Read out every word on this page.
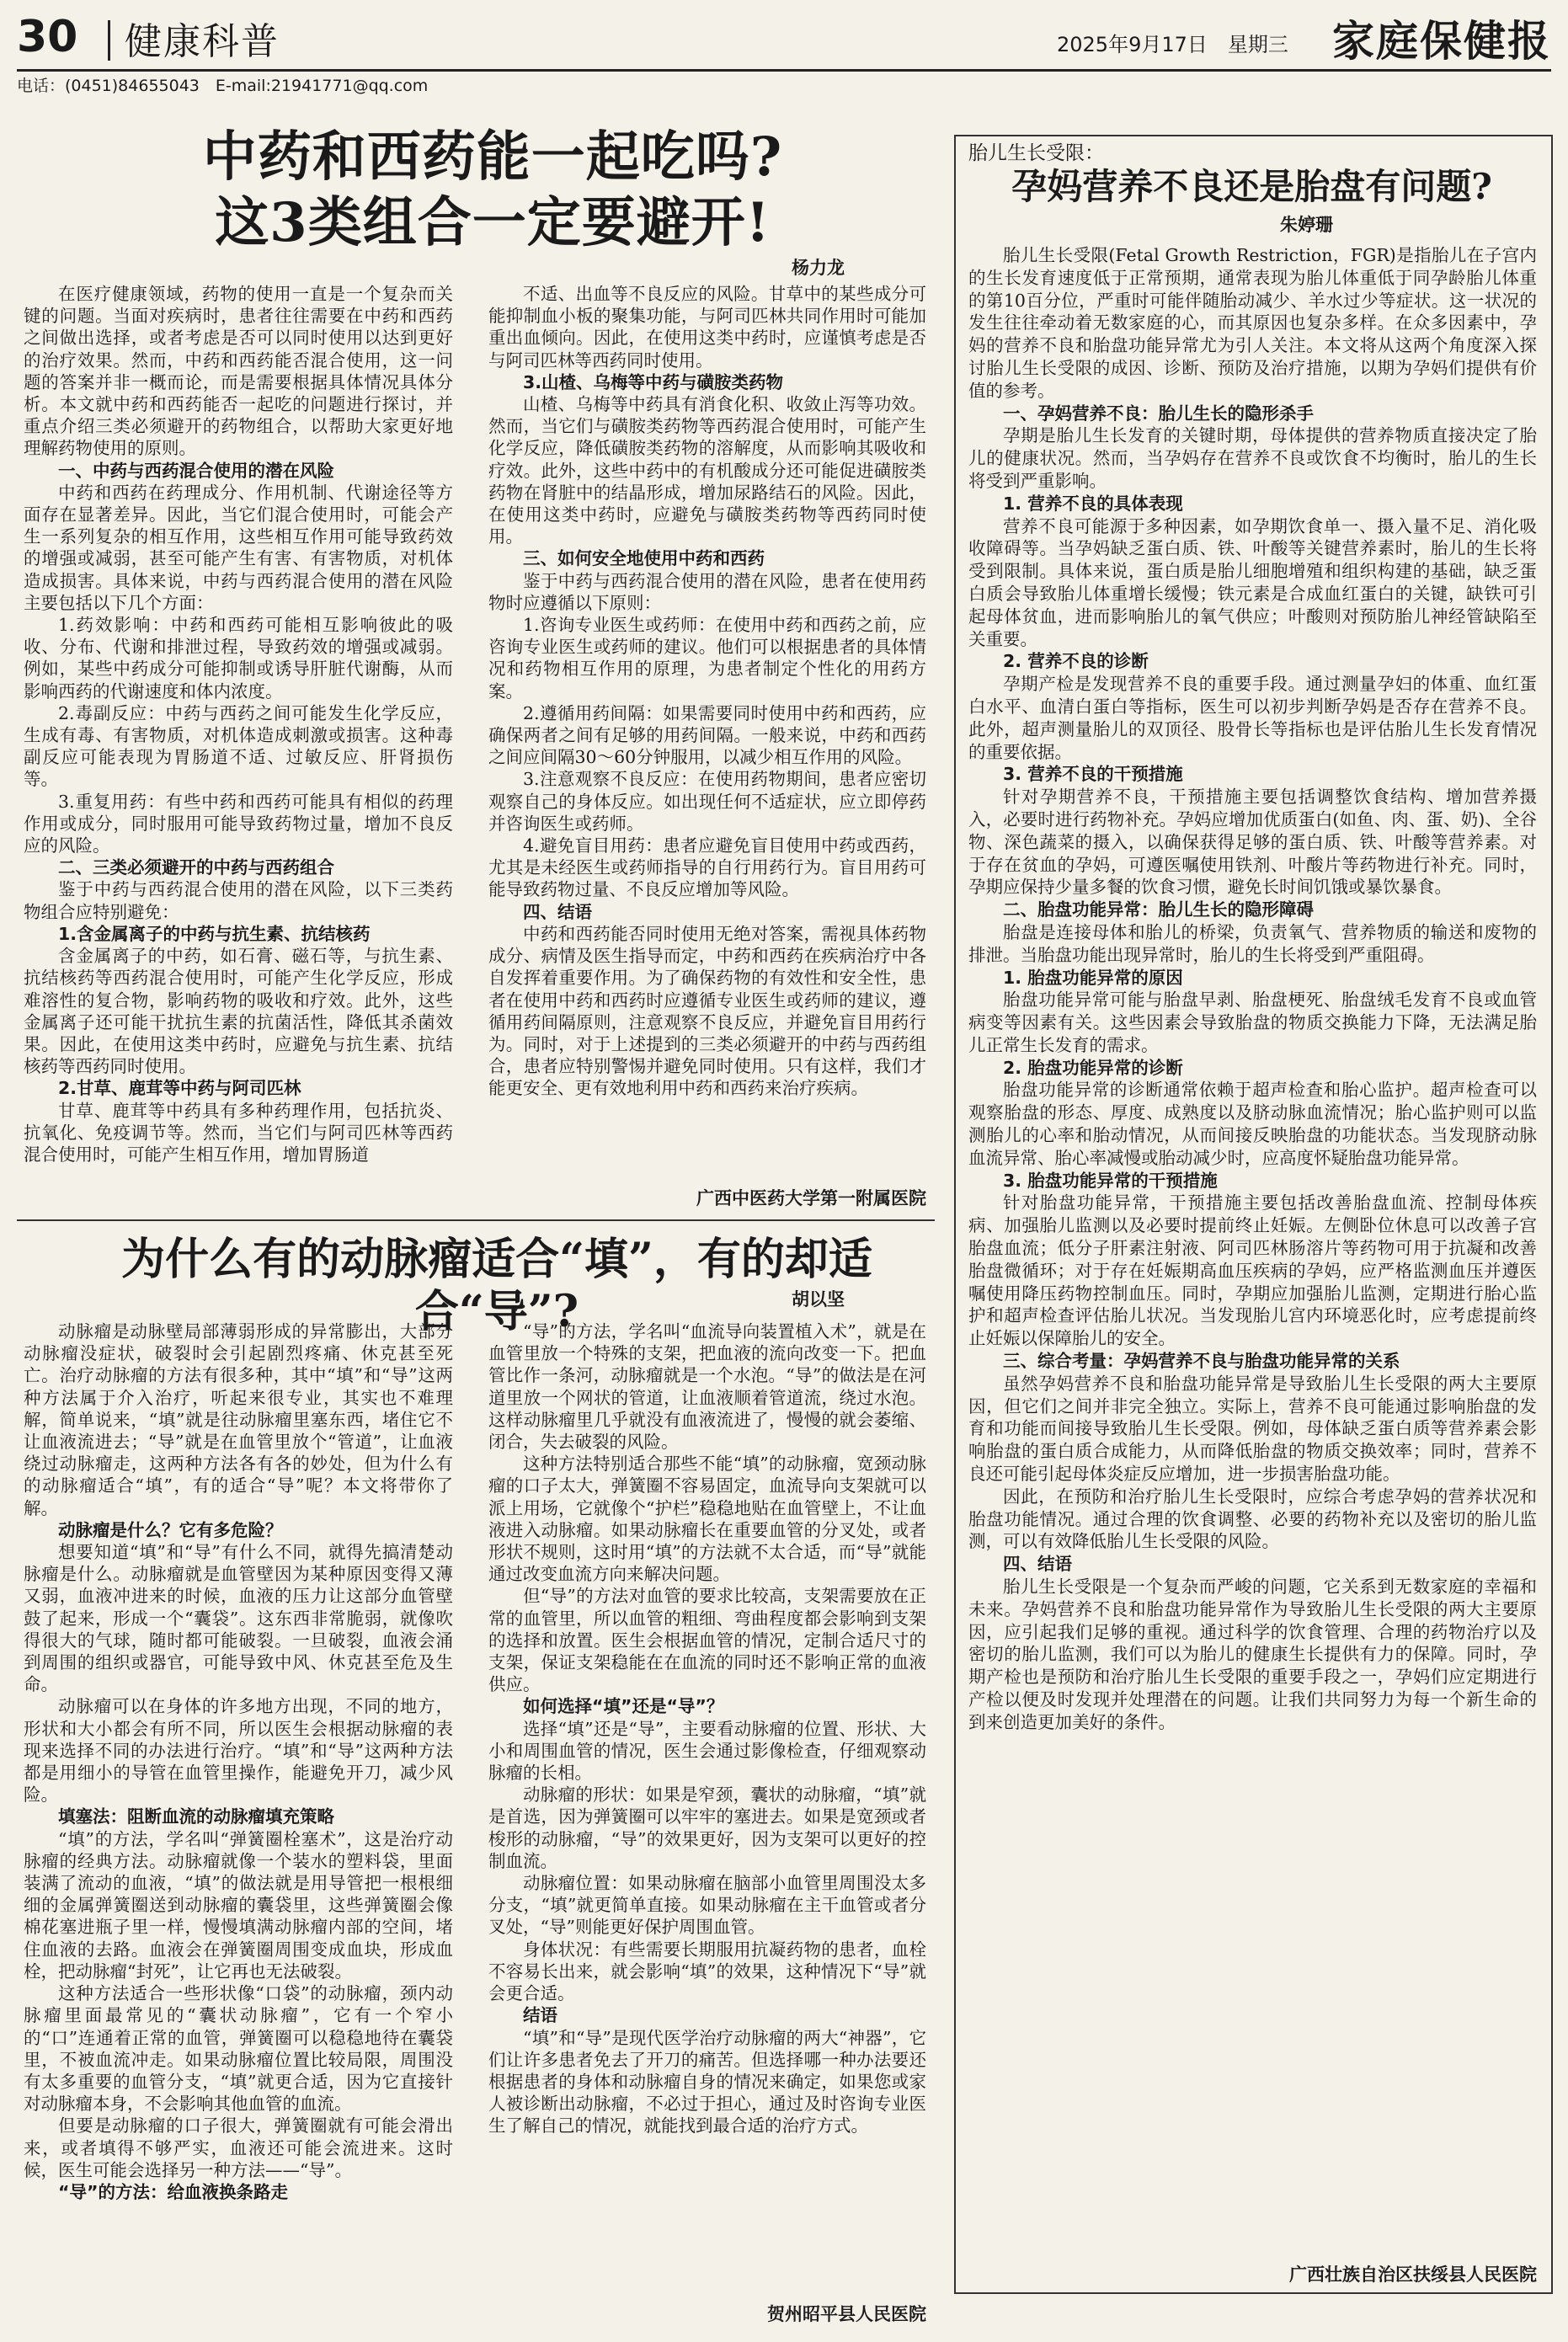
30 健康科普	2025年9月17日　星期三 家庭保健报
电话：(0451)84655043　E-mail:21941771@qq.com
中药和西药能一起吃吗?
这3类组合一定要避开!
杨力龙

在医疗健康领域，药物的使用一直是一个复杂而关键的问题。当面对疾病时，患者往往需要在中药和西药之间做出选择，或者考虑是否可以同时使用以达到更好的治疗效果。然而，中药和西药能否混合使用，这一问题的答案并非一概而论，而是需要根据具体情况具体分析。本文就中药和西药能否一起吃的问题进行探讨，并重点介绍三类必须避开的药物组合，以帮助大家更好地理解药物使用的原则。

一、中药与西药混合使用的潜在风险

中药和西药在药理成分、作用机制、代谢途径等方面存在显著差异。因此，当它们混合使用时，可能会产生一系列复杂的相互作用，这些相互作用可能导致药效的增强或减弱，甚至可能产生有害、有害物质，对机体造成损害。具体来说，中药与西药混合使用的潜在风险主要包括以下几个方面：

1.药效影响：中药和西药可能相互影响彼此的吸收、分布、代谢和排泄过程，导致药效的增强或减弱。例如，某些中药成分可能抑制或诱导肝脏代谢酶，从而影响西药的代谢速度和体内浓度。

2.毒副反应：中药与西药之间可能发生化学反应，生成有毒、有害物质，对机体造成刺激或损害。这种毒副反应可能表现为胃肠道不适、过敏反应、肝肾损伤等。

3.重复用药：有些中药和西药可能具有相似的药理作用或成分，同时服用可能导致药物过量，增加不良反应的风险。

二、三类必须避开的中药与西药组合

鉴于中药与西药混合使用的潜在风险，以下三类药物组合应特别避免：

1.含金属离子的中药与抗生素、抗结核药

含金属离子的中药，如石膏、磁石等，与抗生素、抗结核药等西药混合使用时，可能产生化学反应，形成难溶性的复合物，影响药物的吸收和疗效。此外，这些金属离子还可能干扰抗生素的抗菌活性，降低其杀菌效果。因此，在使用这类中药时，应避免与抗生素、抗结核药等西药同时使用。

2.甘草、鹿茸等中药与阿司匹林

甘草、鹿茸等中药具有多种药理作用，包括抗炎、抗氧化、免疫调节等。然而，当它们与阿司匹林等西药混合使用时，可能产生相互作用，增加胃肠道

不适、出血等不良反应的风险。甘草中的某些成分可能抑制血小板的聚集功能，与阿司匹林共同作用时可能加重出血倾向。因此，在使用这类中药时，应谨慎考虑是否与阿司匹林等西药同时使用。

3.山楂、乌梅等中药与磺胺类药物

山楂、乌梅等中药具有消食化积、收敛止泻等功效。然而，当它们与磺胺类药物等西药混合使用时，可能产生化学反应，降低磺胺类药物的溶解度，从而影响其吸收和疗效。此外，这些中药中的有机酸成分还可能促进磺胺类药物在肾脏中的结晶形成，增加尿路结石的风险。因此，在使用这类中药时，应避免与磺胺类药物等西药同时使用。

三、如何安全地使用中药和西药

鉴于中药与西药混合使用的潜在风险，患者在使用药物时应遵循以下原则：

1.咨询专业医生或药师：在使用中药和西药之前，应咨询专业医生或药师的建议。他们可以根据患者的具体情况和药物相互作用的原理，为患者制定个性化的用药方案。

2.遵循用药间隔：如果需要同时使用中药和西药，应确保两者之间有足够的用药间隔。一般来说，中药和西药之间应间隔30～60分钟服用，以减少相互作用的风险。

3.注意观察不良反应：在使用药物期间，患者应密切观察自己的身体反应。如出现任何不适症状，应立即停药并咨询医生或药师。

4.避免盲目用药：患者应避免盲目使用中药或西药，尤其是未经医生或药师指导的自行用药行为。盲目用药可能导致药物过量、不良反应增加等风险。

四、结语

中药和西药能否同时使用无绝对答案，需视具体药物成分、病情及医生指导而定，中药和西药在疾病治疗中各自发挥着重要作用。为了确保药物的有效性和安全性，患者在使用中药和西药时应遵循专业医生或药师的建议，遵循用药间隔原则，注意观察不良反应，并避免盲目用药行为。同时，对于上述提到的三类必须避开的中药与西药组合，患者应特别警惕并避免同时使用。只有这样，我们才能更安全、更有效地利用中药和西药来治疗疾病。

广西中医药大学第一附属医院
为什么有的动脉瘤适合“填”，有的却适合“导”?	胡以坚

动脉瘤是动脉壁局部薄弱形成的异常膨出，大部分动脉瘤没症状，破裂时会引起剧烈疼痛、休克甚至死亡。治疗动脉瘤的方法有很多种，其中“填”和“导”这两种方法属于介入治疗，听起来很专业，其实也不难理解，简单说来，“填”就是往动脉瘤里塞东西，堵住它不让血液流进去；“导”就是在血管里放个“管道”，让血液绕过动脉瘤走，这两种方法各有各的妙处，但为什么有的动脉瘤适合“填”，有的适合“导”呢？本文将带你了解。

动脉瘤是什么？它有多危险？

想要知道“填”和“导”有什么不同，就得先搞清楚动脉瘤是什么。动脉瘤就是血管壁因为某种原因变得又薄又弱，血液冲进来的时候，血液的压力让这部分血管壁鼓了起来，形成一个“囊袋”。这东西非常脆弱，就像吹得很大的气球，随时都可能破裂。一旦破裂，血液会涌到周围的组织或器官，可能导致中风、休克甚至危及生命。

动脉瘤可以在身体的许多地方出现，不同的地方，形状和大小都会有所不同，所以医生会根据动脉瘤的表现来选择不同的办法进行治疗。“填”和“导”这两种方法都是用细小的导管在血管里操作，能避免开刀，减少风险。

填塞法：阻断血流的动脉瘤填充策略

“填”的方法，学名叫“弹簧圈栓塞术”，这是治疗动脉瘤的经典方法。动脉瘤就像一个装水的塑料袋，里面装满了流动的血液，“填”的做法就是用导管把一根根细细的金属弹簧圈送到动脉瘤的囊袋里，这些弹簧圈会像棉花塞进瓶子里一样，慢慢填满动脉瘤内部的空间，堵住血液的去路。血液会在弹簧圈周围变成血块，形成血栓，把动脉瘤“封死”，让它再也无法破裂。

这种方法适合一些形状像“口袋”的动脉瘤，颈内动脉瘤里面最常见的“囊状动脉瘤”，它有一个窄小的“口”连通着正常的血管，弹簧圈可以稳稳地待在囊袋里，不被血流冲走。如果动脉瘤位置比较局限，周围没有太多重要的血管分支，“填”就更合适，因为它直接针对动脉瘤本身，不会影响其他血管的血流。

但要是动脉瘤的口子很大，弹簧圈就有可能会滑出来，或者填得不够严实，血液还可能会流进来。这时候，医生可能会选择另一种方法——“导”。

“导”的方法：给血液换条路走

“导”的方法，学名叫“血流导向装置植入术”，就是在血管里放一个特殊的支架，把血液的流向改变一下。把血管比作一条河，动脉瘤就是一个水泡。“导”的做法是在河道里放一个网状的管道，让血液顺着管道流，绕过水泡。这样动脉瘤里几乎就没有血液流进了，慢慢的就会萎缩、闭合，失去破裂的风险。

这种方法特别适合那些不能“填”的动脉瘤，宽颈动脉瘤的口子太大，弹簧圈不容易固定，血流导向支架就可以派上用场，它就像个“护栏”稳稳地贴在血管壁上，不让血液进入动脉瘤。如果动脉瘤长在重要血管的分叉处，或者形状不规则，这时用“填”的方法就不太合适，而“导”就能通过改变血流方向来解决问题。

但“导”的方法对血管的要求比较高，支架需要放在正常的血管里，所以血管的粗细、弯曲程度都会影响到支架的选择和放置。医生会根据血管的情况，定制合适尺寸的支架，保证支架稳能在在血流的同时还不影响正常的血液供应。

如何选择“填”还是“导”？

选择“填”还是“导”，主要看动脉瘤的位置、形状、大小和周围血管的情况，医生会通过影像检查，仔细观察动脉瘤的长相。

动脉瘤的形状：如果是窄颈，囊状的动脉瘤，“填”就是首选，因为弹簧圈可以牢牢的塞进去。如果是宽颈或者梭形的动脉瘤，“导”的效果更好，因为支架可以更好的控制血流。

动脉瘤位置：如果动脉瘤在脑部小血管里周围没太多分支，“填”就更简单直接。如果动脉瘤在主干血管或者分叉处，“导”则能更好保护周围血管。

身体状况：有些需要长期服用抗凝药物的患者，血栓不容易长出来，就会影响“填”的效果，这种情况下“导”就会更合适。

结语

“填”和“导”是现代医学治疗动脉瘤的两大“神器”，它们让许多患者免去了开刀的痛苦。但选择哪一种办法要还根据患者的身体和动脉瘤自身的情况来确定，如果您或家人被诊断出动脉瘤，不必过于担心，通过及时咨询专业医生了解自己的情况，就能找到最合适的治疗方式。

贺州昭平县人民医院
胎儿生长受限：
孕妈营养不良还是胎盘有问题?
朱婷珊

胎儿生长受限(Fetal Growth Restriction，FGR)是指胎儿在子宫内的生长发育速度低于正常预期，通常表现为胎儿体重低于同孕龄胎儿体重的第10百分位，严重时可能伴随胎动减少、羊水过少等症状。这一状况的发生往往牵动着无数家庭的心，而其原因也复杂多样。在众多因素中，孕妈的营养不良和胎盘功能异常尤为引人关注。本文将从这两个角度深入探讨胎儿生长受限的成因、诊断、预防及治疗措施，以期为孕妈们提供有价值的参考。

一、孕妈营养不良：胎儿生长的隐形杀手

孕期是胎儿生长发育的关键时期，母体提供的营养物质直接决定了胎儿的健康状况。然而，当孕妈存在营养不良或饮食不均衡时，胎儿的生长将受到严重影响。

1. 营养不良的具体表现

营养不良可能源于多种因素，如孕期饮食单一、摄入量不足、消化吸收障碍等。当孕妈缺乏蛋白质、铁、叶酸等关键营养素时，胎儿的生长将受到限制。具体来说，蛋白质是胎儿细胞增殖和组织构建的基础，缺乏蛋白质会导致胎儿体重增长缓慢；铁元素是合成血红蛋白的关键，缺铁可引起母体贫血，进而影响胎儿的氧气供应；叶酸则对预防胎儿神经管缺陷至关重要。

2. 营养不良的诊断

孕期产检是发现营养不良的重要手段。通过测量孕妇的体重、血红蛋白水平、血清白蛋白等指标，医生可以初步判断孕妈是否存在营养不良。此外，超声测量胎儿的双顶径、股骨长等指标也是评估胎儿生长发育情况的重要依据。

3. 营养不良的干预措施

针对孕期营养不良，干预措施主要包括调整饮食结构、增加营养摄入，必要时进行药物补充。孕妈应增加优质蛋白(如鱼、肉、蛋、奶)、全谷物、深色蔬菜的摄入，以确保获得足够的蛋白质、铁、叶酸等营养素。对于存在贫血的孕妈，可遵医嘱使用铁剂、叶酸片等药物进行补充。同时，孕期应保持少量多餐的饮食习惯，避免长时间饥饿或暴饮暴食。

二、胎盘功能异常：胎儿生长的隐形障碍

胎盘是连接母体和胎儿的桥梁，负责氧气、营养物质的输送和废物的排泄。当胎盘功能出现异常时，胎儿的生长将受到严重阻碍。

1. 胎盘功能异常的原因

胎盘功能异常可能与胎盘早剥、胎盘梗死、胎盘绒毛发育不良或血管病变等因素有关。这些因素会导致胎盘的物质交换能力下降，无法满足胎儿正常生长发育的需求。

2. 胎盘功能异常的诊断

胎盘功能异常的诊断通常依赖于超声检查和胎心监护。超声检查可以观察胎盘的形态、厚度、成熟度以及脐动脉血流情况；胎心监护则可以监测胎儿的心率和胎动情况，从而间接反映胎盘的功能状态。当发现脐动脉血流异常、胎心率减慢或胎动减少时，应高度怀疑胎盘功能异常。

3. 胎盘功能异常的干预措施

针对胎盘功能异常，干预措施主要包括改善胎盘血流、控制母体疾病、加强胎儿监测以及必要时提前终止妊娠。左侧卧位休息可以改善子宫胎盘血流；低分子肝素注射液、阿司匹林肠溶片等药物可用于抗凝和改善胎盘微循环；对于存在妊娠期高血压疾病的孕妈，应严格监测血压并遵医嘱使用降压药物控制血压。同时，孕期应加强胎儿监测，定期进行胎心监护和超声检查评估胎儿状况。当发现胎儿宫内环境恶化时，应考虑提前终止妊娠以保障胎儿的安全。

三、综合考量：孕妈营养不良与胎盘功能异常的关系

虽然孕妈营养不良和胎盘功能异常是导致胎儿生长受限的两大主要原因，但它们之间并非完全独立。实际上，营养不良可能通过影响胎盘的发育和功能而间接导致胎儿生长受限。例如，母体缺乏蛋白质等营养素会影响胎盘的蛋白质合成能力，从而降低胎盘的物质交换效率；同时，营养不良还可能引起母体炎症反应增加，进一步损害胎盘功能。

因此，在预防和治疗胎儿生长受限时，应综合考虑孕妈的营养状况和胎盘功能情况。通过合理的饮食调整、必要的药物补充以及密切的胎儿监测，可以有效降低胎儿生长受限的风险。

四、结语

胎儿生长受限是一个复杂而严峻的问题，它关系到无数家庭的幸福和未来。孕妈营养不良和胎盘功能异常作为导致胎儿生长受限的两大主要原因，应引起我们足够的重视。通过科学的饮食管理、合理的药物治疗以及密切的胎儿监测，我们可以为胎儿的健康生长提供有力的保障。同时，孕期产检也是预防和治疗胎儿生长受限的重要手段之一，孕妈们应定期进行产检以便及时发现并处理潜在的问题。让我们共同努力为每一个新生命的到来创造更加美好的条件。

广西壮族自治区扶绥县人民医院
